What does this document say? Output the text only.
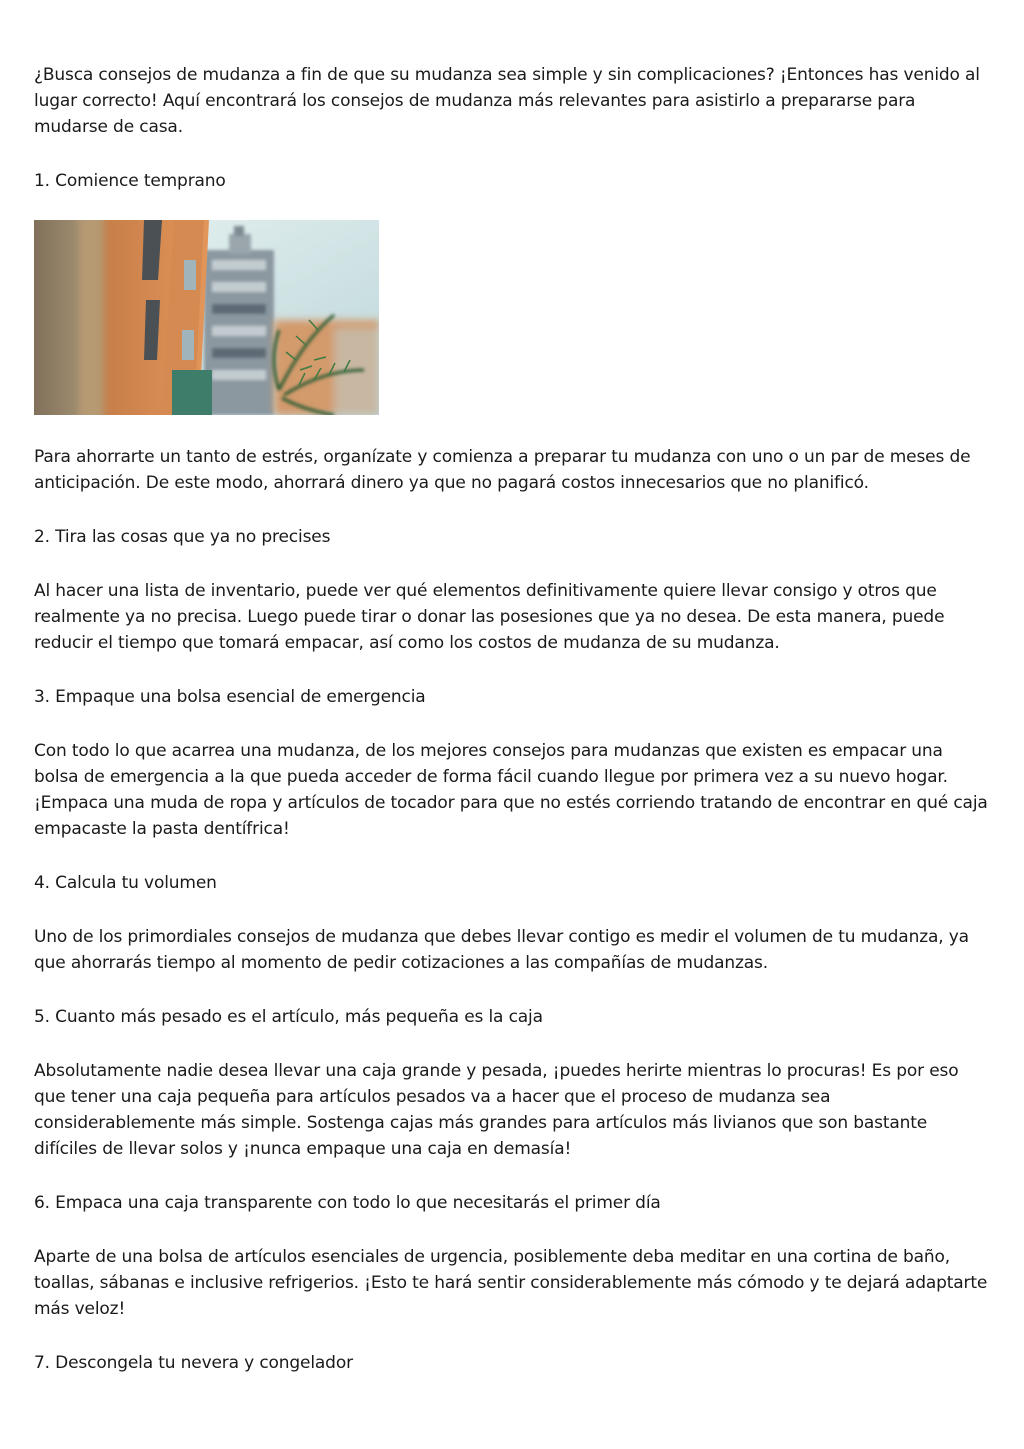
¿Busca consejos de mudanza a fin de que su mudanza sea simple y sin complicaciones? ¡Entonces has venido al lugar correcto! Aquí encontrará los consejos de mudanza más relevantes para asistirlo a prepararse para mudarse de casa.

1. Comience temprano

Para ahorrarte un tanto de estrés, organízate y comienza a preparar tu mudanza con uno o un par de meses de anticipación. De este modo, ahorrará dinero ya que no pagará costos innecesarios que no planificó.

2. Tira las cosas que ya no precises

Al hacer una lista de inventario, puede ver qué elementos definitivamente quiere llevar consigo y otros que realmente ya no precisa. Luego puede tirar o donar las posesiones que ya no desea. De esta manera, puede reducir el tiempo que tomará empacar, así como los costos de mudanza de su mudanza.

3. Empaque una bolsa esencial de emergencia

Con todo lo que acarrea una mudanza, de los mejores consejos para mudanzas que existen es empacar una bolsa de emergencia a la que pueda acceder de forma fácil cuando llegue por primera vez a su nuevo hogar. ¡Empaca una muda de ropa y artículos de tocador para que no estés corriendo tratando de encontrar en qué caja empacaste la pasta dentífrica!

4. Calcula tu volumen

Uno de los primordiales consejos de mudanza que debes llevar contigo es medir el volumen de tu mudanza, ya que ahorrarás tiempo al momento de pedir cotizaciones a las compañías de mudanzas.

5. Cuanto más pesado es el artículo, más pequeña es la caja

Absolutamente nadie desea llevar una caja grande y pesada, ¡puedes herirte mientras lo procuras! Es por eso que tener una caja pequeña para artículos pesados va a hacer que el proceso de mudanza sea considerablemente más simple. Sostenga cajas más grandes para artículos más livianos que son bastante difíciles de llevar solos y ¡nunca empaque una caja en demasía!

6. Empaca una caja transparente con todo lo que necesitarás el primer día

Aparte de una bolsa de artículos esenciales de urgencia, posiblemente deba meditar en una cortina de baño, toallas, sábanas e inclusive refrigerios. ¡Esto te hará sentir considerablemente más cómodo y te dejará adaptarte más veloz!

7. Descongela tu nevera y congelador
